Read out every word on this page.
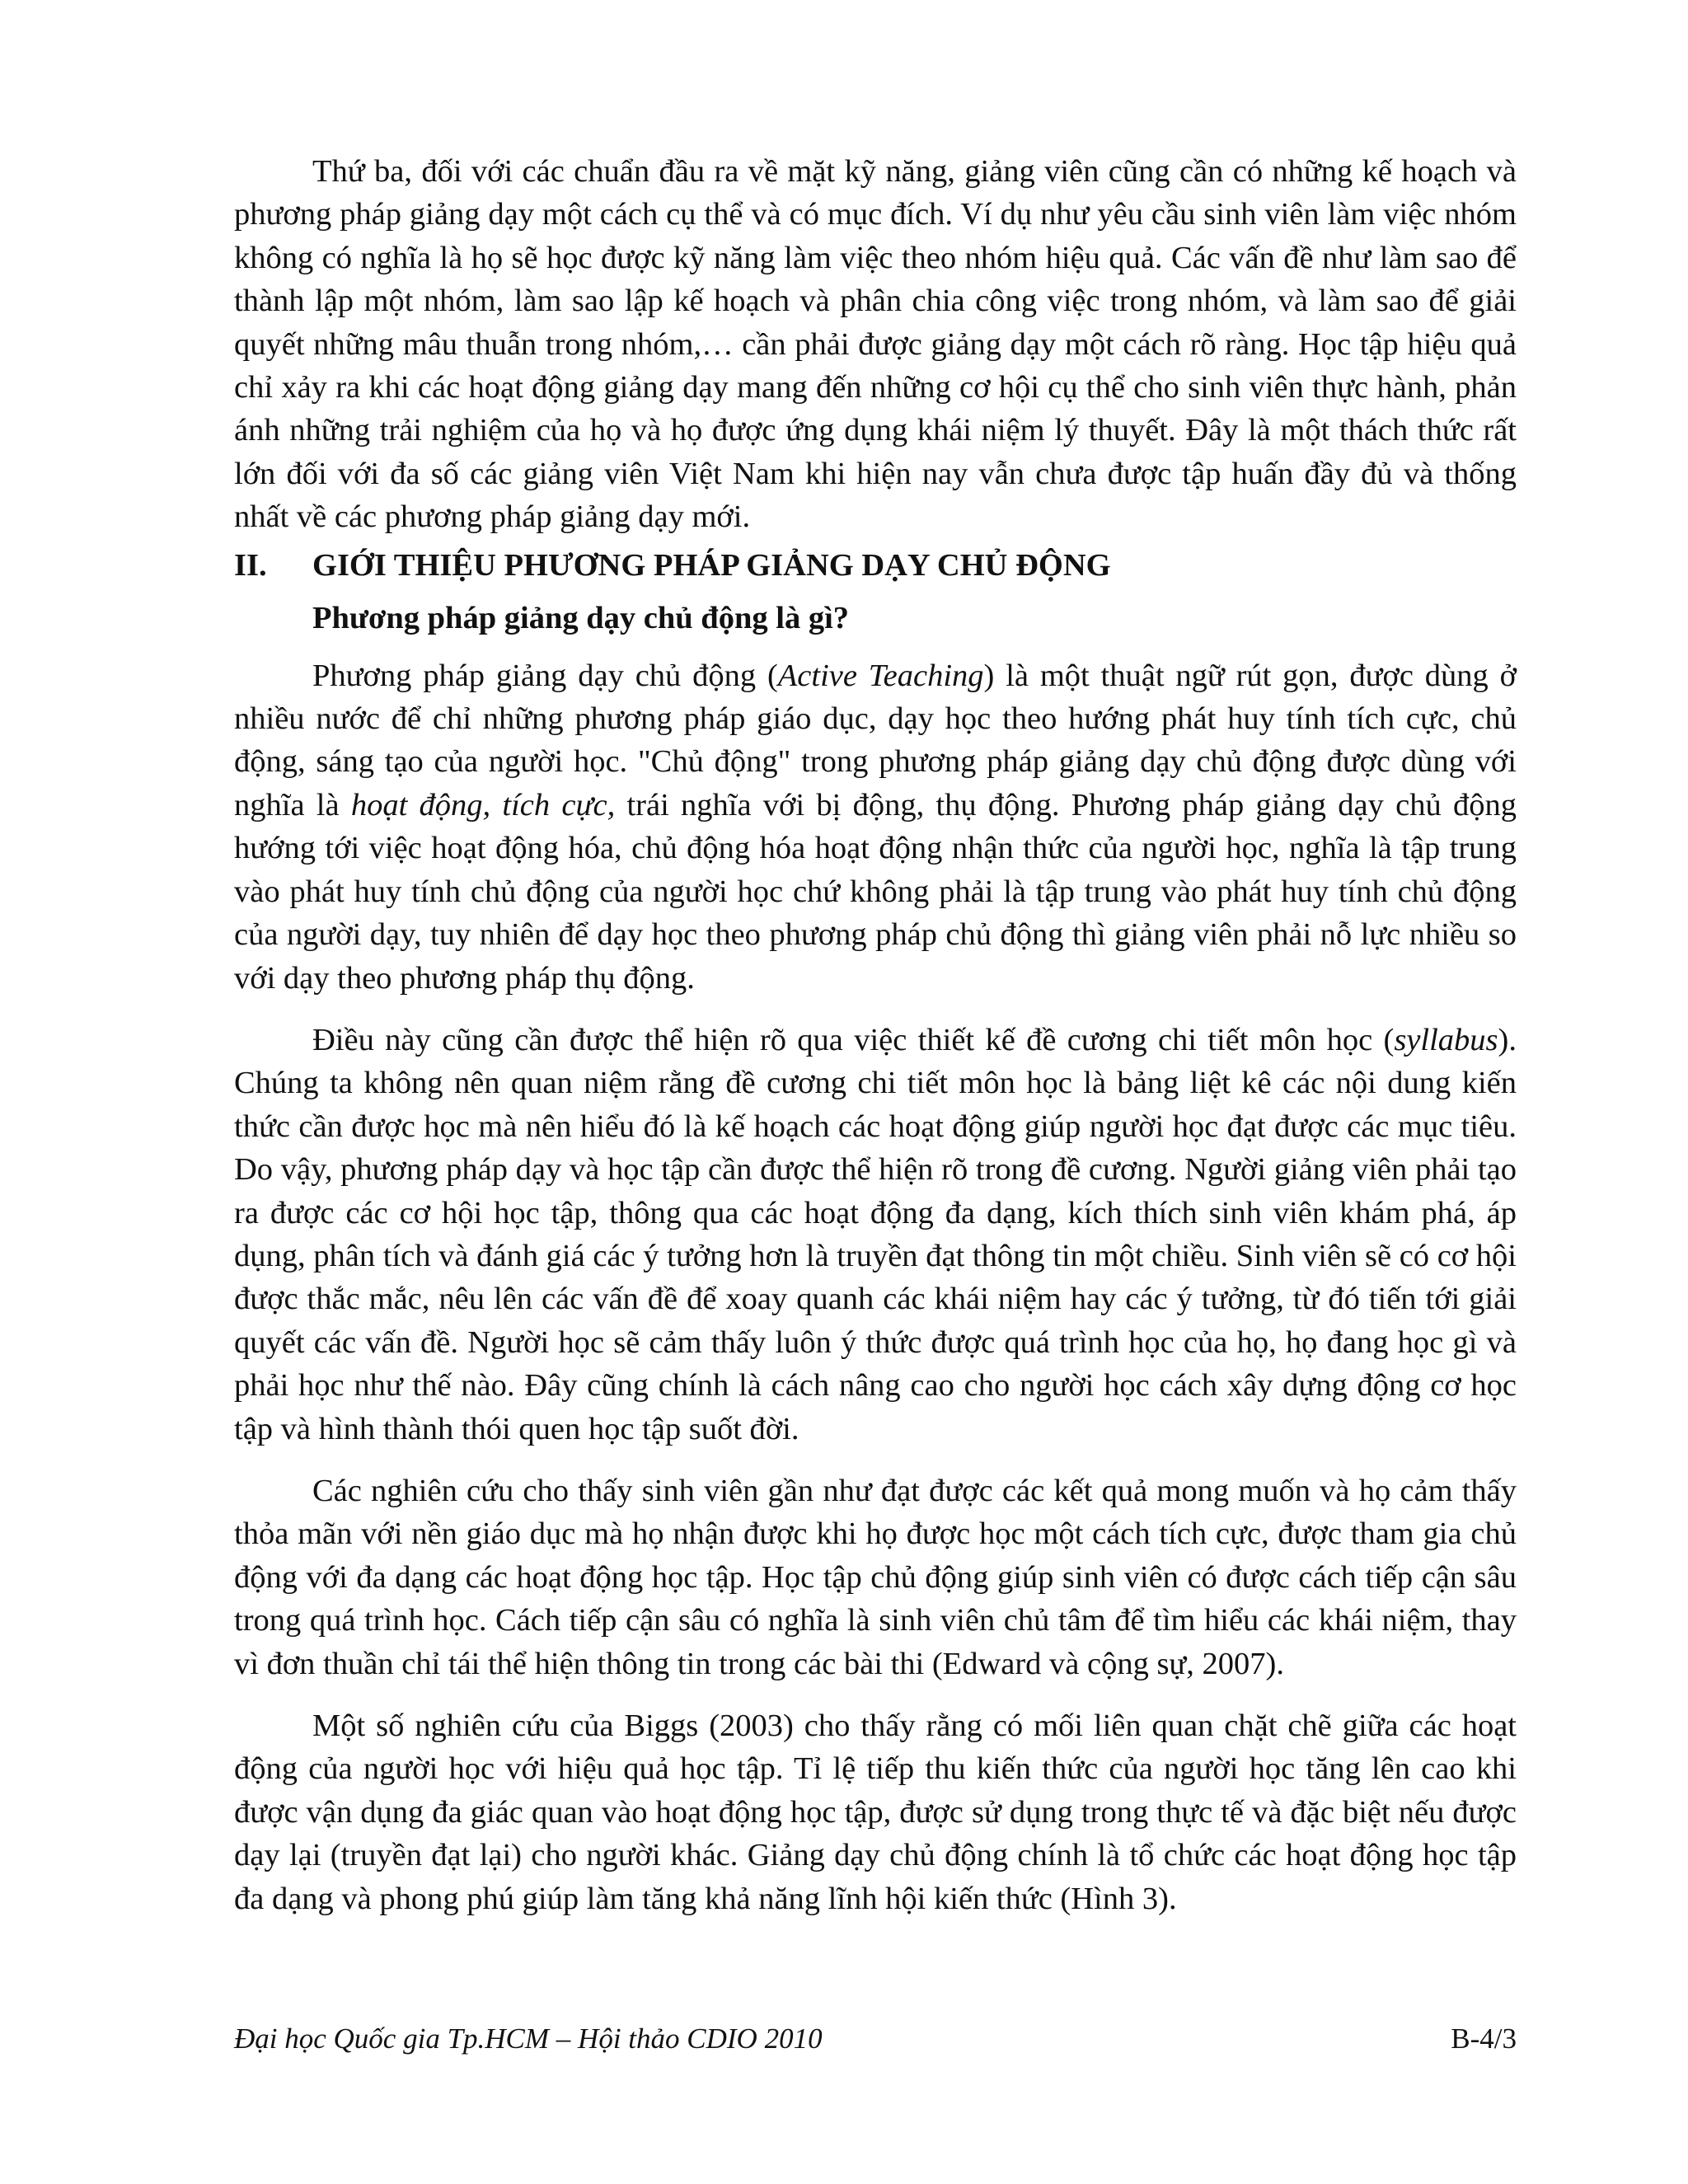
Thứ ba, đối với các chuẩn đầu ra về mặt kỹ năng, giảng viên cũng cần có những kế hoạch và phương pháp giảng dạy một cách cụ thể và có mục đích. Ví dụ như yêu cầu sinh viên làm việc nhóm không có nghĩa là họ sẽ học được kỹ năng làm việc theo nhóm hiệu quả. Các vấn đề như làm sao để thành lập một nhóm, làm sao lập kế hoạch và phân chia công việc trong nhóm, và làm sao để giải quyết những mâu thuẫn trong nhóm,… cần phải được giảng dạy một cách rõ ràng. Học tập hiệu quả chỉ xảy ra khi các hoạt động giảng dạy mang đến những cơ hội cụ thể cho sinh viên thực hành, phản ánh những trải nghiệm của họ và họ được ứng dụng khái niệm lý thuyết. Đây là một thách thức rất lớn đối với đa số các giảng viên Việt Nam khi hiện nay vẫn chưa được tập huấn đầy đủ và thống nhất về các phương pháp giảng dạy mới.

II.	GIỚI THIỆU PHƯƠNG PHÁP GIẢNG DẠY CHỦ ĐỘNG
Phương pháp giảng dạy chủ động là gì?

Phương pháp giảng dạy chủ động (Active Teaching) là một thuật ngữ rút gọn, được dùng ở nhiều nước để chỉ những phương pháp giáo dục, dạy học theo hướng phát huy tính tích cực, chủ động, sáng tạo của người học. "Chủ động" trong phương pháp giảng dạy chủ động được dùng với nghĩa là hoạt động, tích cực, trái nghĩa với bị động, thụ động. Phương pháp giảng dạy chủ động hướng tới việc hoạt động hóa, chủ động hóa hoạt động nhận thức của người học, nghĩa là tập trung vào phát huy tính chủ động của người học chứ không phải là tập trung vào phát huy tính chủ động của người dạy, tuy nhiên để dạy học theo phương pháp chủ động thì giảng viên phải nỗ lực nhiều so với dạy theo phương pháp thụ động.

Điều này cũng cần được thể hiện rõ qua việc thiết kế đề cương chi tiết môn học (syllabus). Chúng ta không nên quan niệm rằng đề cương chi tiết môn học là bảng liệt kê các nội dung kiến thức cần được học mà nên hiểu đó là kế hoạch các hoạt động giúp người học đạt được các mục tiêu. Do vậy, phương pháp dạy và học tập cần được thể hiện rõ trong đề cương. Người giảng viên phải tạo ra được các cơ hội học tập, thông qua các hoạt động đa dạng, kích thích sinh viên khám phá, áp dụng, phân tích và đánh giá các ý tưởng hơn là truyền đạt thông tin một chiều. Sinh viên sẽ có cơ hội được thắc mắc, nêu lên các vấn đề để xoay quanh các khái niệm hay các ý tưởng, từ đó tiến tới giải quyết các vấn đề. Người học sẽ cảm thấy luôn ý thức được quá trình học của họ, họ đang học gì và phải học như thế nào. Đây cũng chính là cách nâng cao cho người học cách xây dựng động cơ học tập và hình thành thói quen học tập suốt đời.

Các nghiên cứu cho thấy sinh viên gần như đạt được các kết quả mong muốn và họ cảm thấy thỏa mãn với nền giáo dục mà họ nhận được khi họ được học một cách tích cực, được tham gia chủ động với đa dạng các hoạt động học tập. Học tập chủ động giúp sinh viên có được cách tiếp cận sâu trong quá trình học. Cách tiếp cận sâu có nghĩa là sinh viên chủ tâm để tìm hiểu các khái niệm, thay vì đơn thuần chỉ tái thể hiện thông tin trong các bài thi (Edward và cộng sự, 2007).

Một số nghiên cứu của Biggs (2003) cho thấy rằng có mối liên quan chặt chẽ giữa các hoạt động của người học với hiệu quả học tập. Tỉ lệ tiếp thu kiến thức của người học tăng lên cao khi được vận dụng đa giác quan vào hoạt động học tập, được sử dụng trong thực tế và đặc biệt nếu được dạy lại (truyền đạt lại) cho người khác. Giảng dạy chủ động chính là tổ chức các hoạt động học tập đa dạng và phong phú giúp làm tăng khả năng lĩnh hội kiến thức (Hình 3).

Đại học Quốc gia Tp.HCM – Hội thảo CDIO 2010	B-4/3
